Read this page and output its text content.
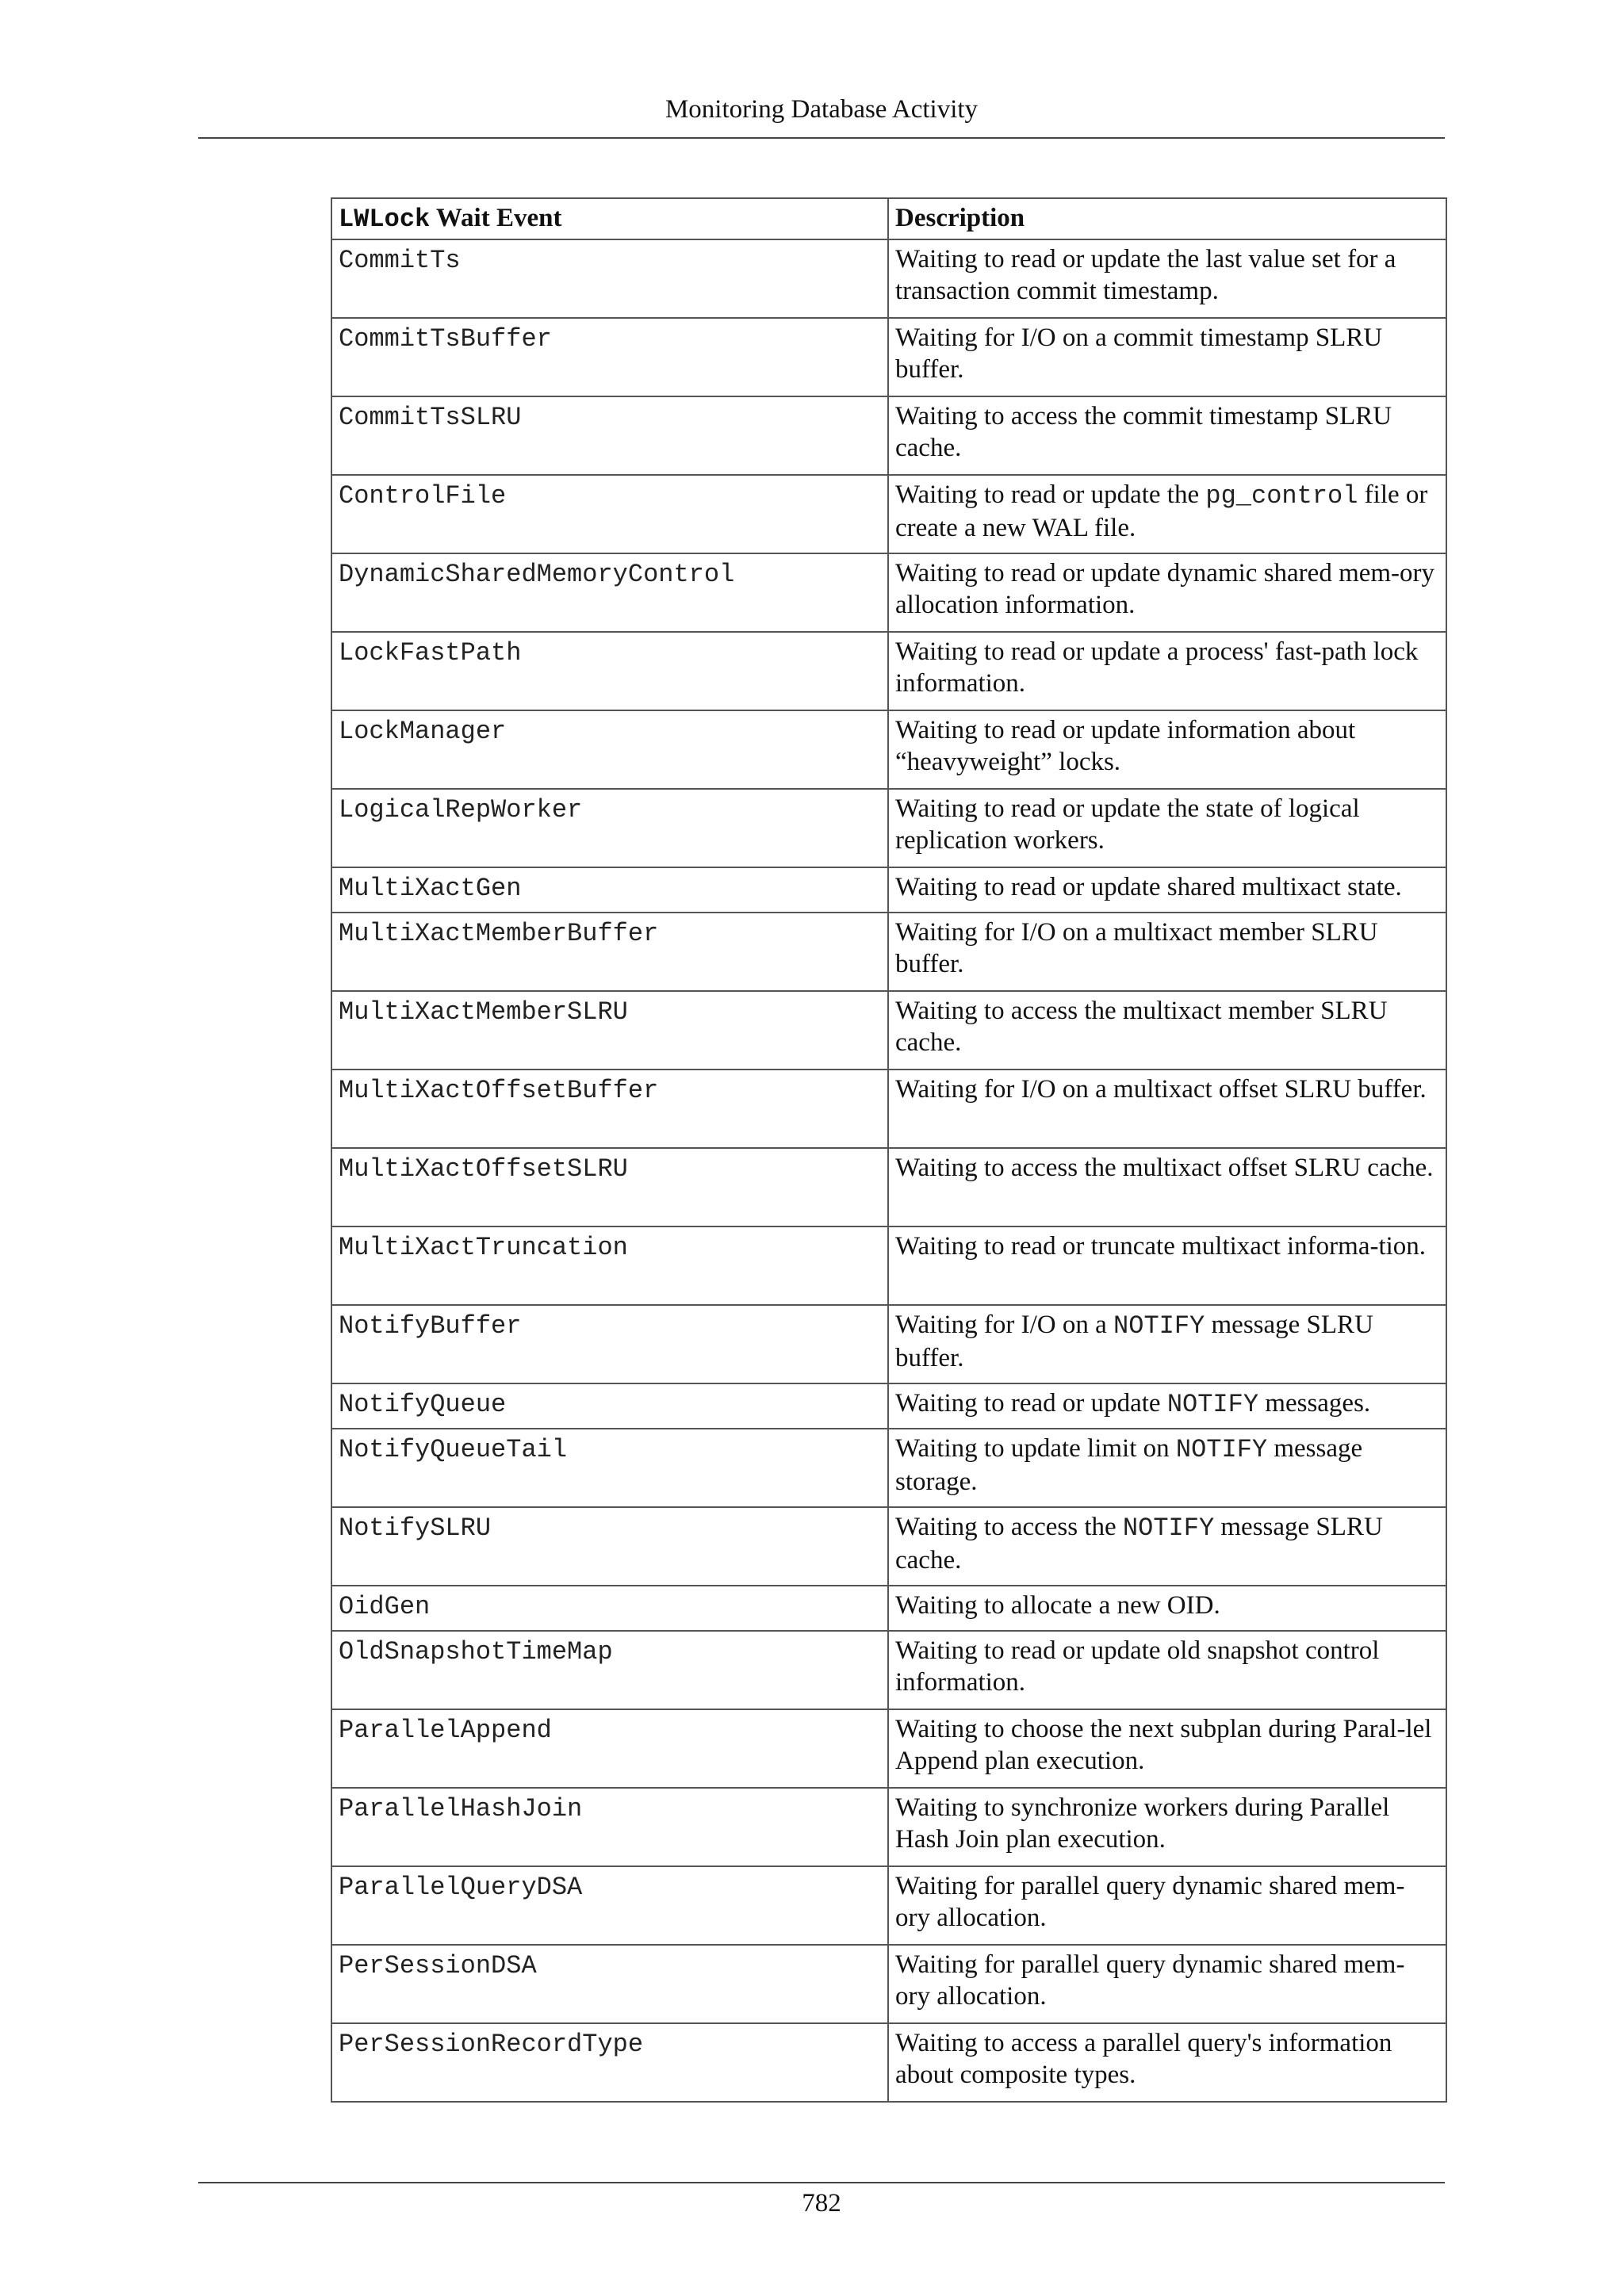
Monitoring Database Activity
LWLock Wait Event	Description
CommitTs	Waiting to read or update the last value set for a transaction commit timestamp.
CommitTsBuffer	Waiting for I/O on a commit timestamp SLRU buffer.
CommitTsSLRU	Waiting to access the commit timestamp SLRU cache.
ControlFile	Waiting to read or update the pg_control file or create a new WAL file.
DynamicSharedMemoryControl	Waiting to read or update dynamic shared mem-ory allocation information.
LockFastPath	Waiting to read or update a process' fast-path lock information.
LockManager	Waiting to read or update information about “heavyweight” locks.
LogicalRepWorker	Waiting to read or update the state of logical replication workers.
MultiXactGen	Waiting to read or update shared multixact state.
MultiXactMemberBuffer	Waiting for I/O on a multixact member SLRU buffer.
MultiXactMemberSLRU	Waiting to access the multixact member SLRU cache.
MultiXactOffsetBuffer	Waiting for I/O on a multixact offset SLRU buffer.
MultiXactOffsetSLRU	Waiting to access the multixact offset SLRU cache.
MultiXactTruncation	Waiting to read or truncate multixact informa-tion.
NotifyBuffer	Waiting for I/O on a NOTIFY message SLRU buffer.
NotifyQueue	Waiting to read or update NOTIFY messages.
NotifyQueueTail	Waiting to update limit on NOTIFY message storage.
NotifySLRU	Waiting to access the NOTIFY message SLRU cache.
OidGen	Waiting to allocate a new OID.
OldSnapshotTimeMap	Waiting to read or update old snapshot control information.
ParallelAppend	Waiting to choose the next subplan during Paral-lel Append plan execution.
ParallelHashJoin	Waiting to synchronize workers during Parallel Hash Join plan execution.
ParallelQueryDSA	Waiting for parallel query dynamic shared mem-ory allocation.
PerSessionDSA	Waiting for parallel query dynamic shared mem-ory allocation.
PerSessionRecordType	Waiting to access a parallel query's information about composite types.
782
